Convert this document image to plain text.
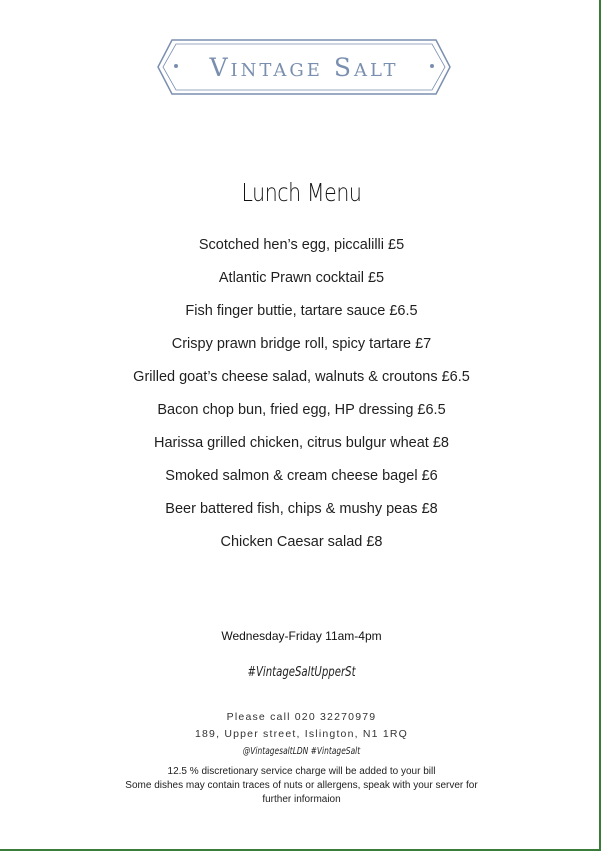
Vintage Salt
Lunch Menu
Scotched hen’s egg, piccalilli £5
Atlantic Prawn cocktail £5
Fish finger buttie, tartare sauce £6.5
Crispy prawn bridge roll, spicy tartare £7
Grilled goat’s cheese salad, walnuts & croutons £6.5
Bacon chop bun, fried egg, HP dressing £6.5
Harissa grilled chicken, citrus bulgur wheat £8
Smoked salmon & cream cheese bagel £6
Beer battered fish, chips & mushy peas £8
Chicken Caesar salad £8
Wednesday-Friday 11am-4pm
#VintageSaltUpperSt
Please call 020 32270979
189, Upper street, Islington, N1 1RQ
@VintagesaltLDN #VintageSalt
12.5 % discretionary service charge will be added to your bill
Some dishes may contain traces of nuts or allergens, speak with your server for
further informaion
